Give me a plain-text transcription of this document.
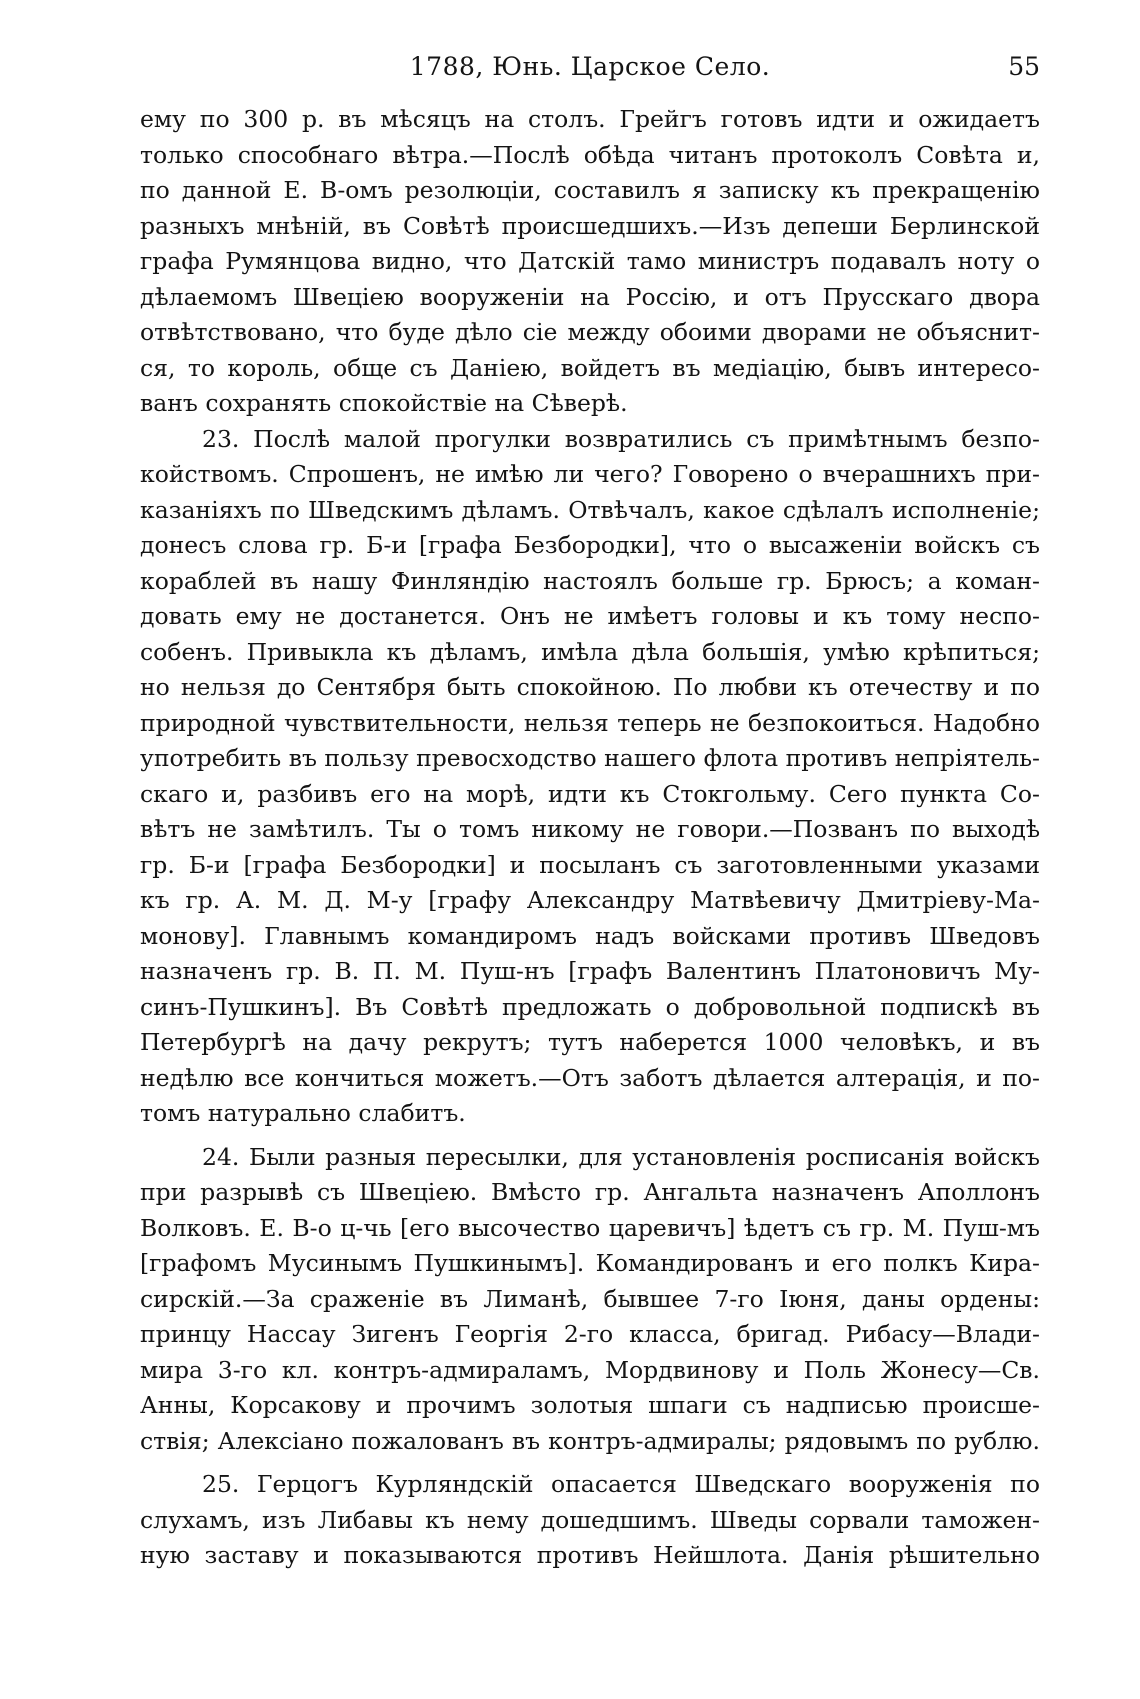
1788, Юнь. Царское Село.	55
ему по 300 р. въ мѣсяцъ на столъ. Грейгъ готовъ идти и ожидаетъ
только способнаго вѣтра.—Послѣ обѣда читанъ протоколъ Совѣта и,
по данной Е. В-омъ резолюціи, составилъ я записку къ прекращенію
разныхъ мнѣній, въ Совѣтѣ происшедшихъ.—Изъ депеши Берлинской
графа Румянцова видно, что Датскій тамо министръ подавалъ ноту о
дѣлаемомъ Швеціею вооруженіи на Россію, и отъ Прусскаго двора
отвѣтствовано, что буде дѣло сіе между обоими дворами не объяснит-
ся, то король, обще съ Даніею, войдетъ въ медіацію, бывъ интересо-
ванъ сохранять спокойствіе на Сѣверѣ.
23. Послѣ малой прогулки возвратились съ примѣтнымъ безпо-
койствомъ. Спрошенъ, не имѣю ли чего? Говорено о вчерашнихъ при-
казаніяхъ по Шведскимъ дѣламъ. Отвѣчалъ, какое сдѣлалъ исполненіе;
донесъ слова гр. Б-и [графа Безбородки], что о высаженіи войскъ съ
кораблей въ нашу Финляндію настоялъ больше гр. Брюсъ; а коман-
довать ему не достанется. Онъ не имѣетъ головы и къ тому неспо-
собенъ. Привыкла къ дѣламъ, имѣла дѣла большія, умѣю крѣпиться;
но нельзя до Сентября быть спокойною. По любви къ отечеству и по
природной чувствительности, нельзя теперь не безпокоиться. Надобно
употребить въ пользу превосходство нашего флота противъ непріятель-
скаго и, разбивъ его на морѣ, идти къ Стокгольму. Сего пункта Со-
вѣтъ не замѣтилъ. Ты о томъ никому не говори.—Позванъ по выходѣ
гр. Б-и [графа Безбородки] и посыланъ съ заготовленными указами
къ гр. А. М. Д. М-у [графу Александру Матвѣевичу Дмитріеву-Ма-
монову]. Главнымъ командиромъ надъ войсками противъ Шведовъ
назначенъ гр. В. П. М. Пуш-нъ [графъ Валентинъ Платоновичъ Му-
синъ-Пушкинъ]. Въ Совѣтѣ предложать о добровольной подпискѣ въ
Петербургѣ на дачу рекрутъ; тутъ наберется 1000 человѣкъ, и въ
недѣлю все кончиться можетъ.—Отъ заботъ дѣлается алтерація, и по-
томъ натурально слабитъ.
24. Были разныя пересылки, для установленія росписанія войскъ
при разрывѣ съ Швеціею. Вмѣсто гр. Ангальта назначенъ Аполлонъ
Волковъ. Е. В-о ц-чь [его высочество царевичъ] ѣдетъ съ гр. М. Пуш-мъ
[графомъ Мусинымъ Пушкинымъ]. Командированъ и его полкъ Кира-
сирскій.—За сраженіе въ Лиманѣ, бывшее 7-го Іюня, даны ордены:
принцу Нассау Зигенъ Георгія 2-го класса, бригад. Рибасу—Влади-
мира 3-го кл. контръ-адмираламъ, Мордвинову и Поль Жонесу—Св.
Анны, Корсакову и прочимъ золотыя шпаги съ надписью происше-
ствія; Алексіано пожалованъ въ контръ-адмиралы; рядовымъ по рублю.
25. Герцогъ Курляндскій опасается Шведскаго вооруженія по
слухамъ, изъ Либавы къ нему дошедшимъ. Шведы сорвали таможен-
ную заставу и показываются противъ Нейшлота. Данія рѣшительно
